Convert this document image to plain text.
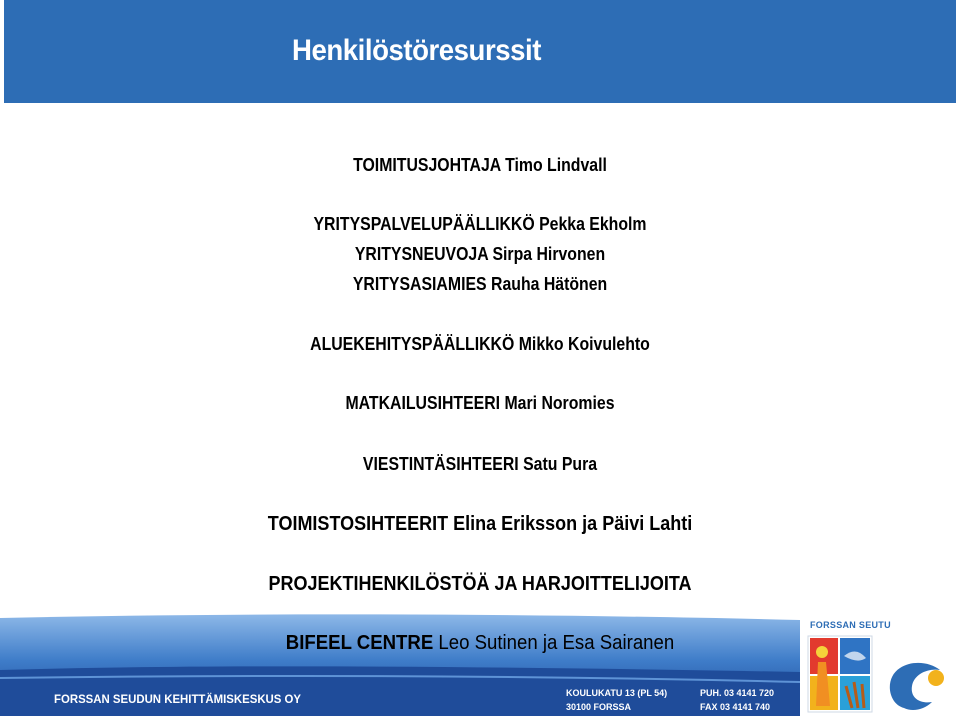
Henkilöstöresurssit
TOIMITUSJOHTAJA Timo Lindvall
YRITYSPALVELUPÄÄLLIKKÖ Pekka Ekholm
YRITYSNEUVOJA Sirpa Hirvonen
YRITYSASIAMIES Rauha Hätönen
ALUEKEHITYSPÄÄLLIKKÖ Mikko Koivulehto
MATKAILUSIHTEERI Mari Noromies
VIESTINTÄSIHTEERI Satu Pura
TOIMISTOSIHTEERIT Elina Eriksson ja Päivi Lahti
PROJEKTIHENKILÖSTÖÄ JA HARJOITTELIJOITA
FORSSAN SEUDUN KEHITTÄMISKESKUS OY	KOULUKATU 13 (PL 54)
30100 FORSSA
PUH. 03 4141 720
FAX 03 4141 740
BIFEEL CENTRE Leo Sutinen ja Esa Sairanen
FORSSAN SEUTU
